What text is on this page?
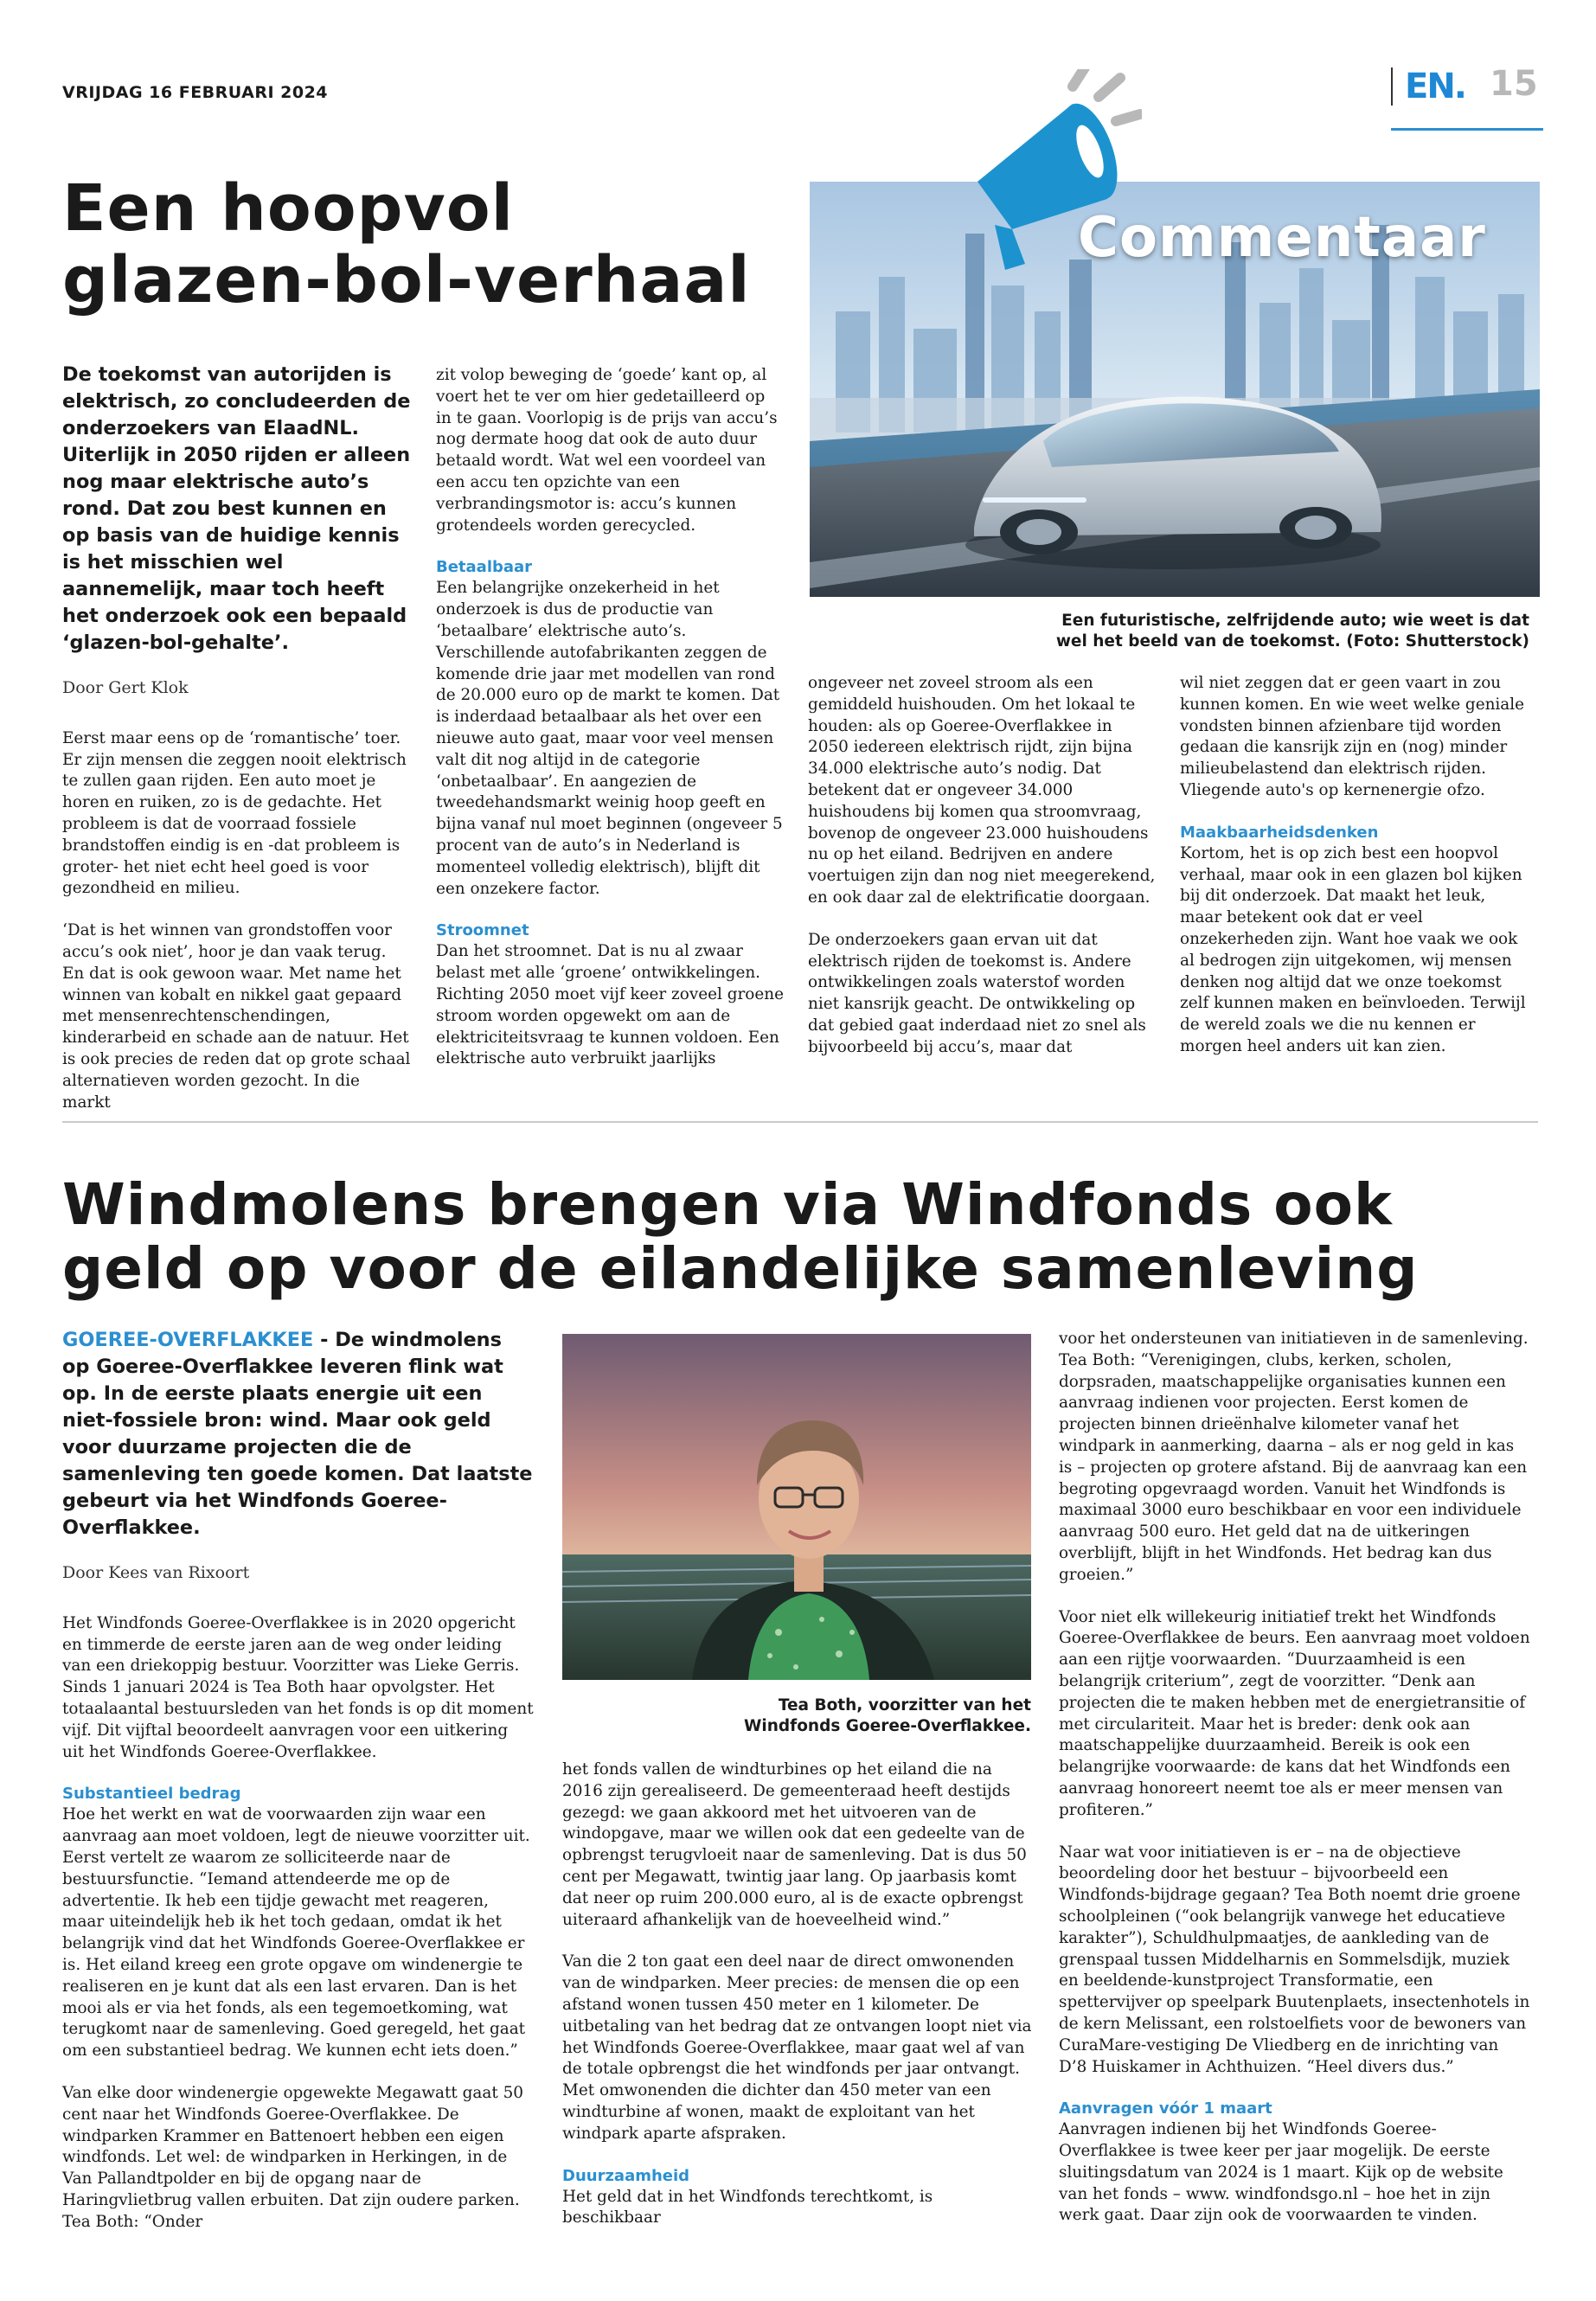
VRIJDAG 16 FEBRUARI 2024	EN. 15
Een hoopvol
glazen-bol-verhaal
Commentaar
Een futuristische, zelfrijdende auto; wie weet is dat
wel het beeld van de toekomst. (Foto: Shutterstock)

De toekomst van autorijden is elektrisch, zo concludeerden de onderzoekers van ElaadNL. Uiterlijk in 2050 rijden er alleen nog maar elektrische auto’s rond. Dat zou best kunnen en op basis van de huidige kennis is het misschien wel aannemelijk, maar toch heeft het onderzoek ook een bepaald ‘glazen-bol-gehalte’.

Door Gert Klok

Eerst maar eens op de ‘romantische’ toer. Er zijn mensen die zeggen nooit elektrisch te zullen gaan rijden. Een auto moet je horen en ruiken, zo is de gedachte. Het probleem is dat de voorraad fossiele brandstoffen eindig is en -dat probleem is groter- het niet echt heel goed is voor gezondheid en milieu.

‘Dat is het winnen van grondstoffen voor accu’s ook niet’, hoor je dan vaak terug. En dat is ook gewoon waar. Met name het winnen van kobalt en nikkel gaat gepaard met mensenrechtenschendingen, kinderarbeid en schade aan de natuur. Het is ook precies de reden dat op grote schaal alternatieven worden gezocht. In die markt

zit volop beweging de ‘goede’ kant op, al voert het te ver om hier gedetailleerd op in te gaan. Voorlopig is de prijs van accu’s nog dermate hoog dat ook de auto duur betaald wordt. Wat wel een voordeel van een accu ten opzichte van een verbrandingsmotor is: accu’s kunnen grotendeels worden gerecycled.

Betaalbaar

Een belangrijke onzekerheid in het onderzoek is dus de productie van ‘betaalbare’ elektrische auto’s. Verschillende autofabrikanten zeggen de komende drie jaar met modellen van rond de 20.000 euro op de markt te komen. Dat is inderdaad betaalbaar als het over een nieuwe auto gaat, maar voor veel mensen valt dit nog altijd in de categorie ‘onbetaalbaar’. En aangezien de tweedehandsmarkt weinig hoop geeft en bijna vanaf nul moet beginnen (ongeveer 5 procent van de auto’s in Nederland is momenteel volledig elektrisch), blijft dit een onzekere factor.

Stroomnet

Dan het stroomnet. Dat is nu al zwaar belast met alle ‘groene’ ontwikkelingen. Richting 2050 moet vijf keer zoveel groene stroom worden opgewekt om aan de elektriciteitsvraag te kunnen voldoen. Een elektrische auto verbruikt jaarlijks

ongeveer net zoveel stroom als een gemiddeld huishouden. Om het lokaal te houden: als op Goeree-Overflakkee in 2050 iedereen elektrisch rijdt, zijn bijna 34.000 elektrische auto’s nodig. Dat betekent dat er ongeveer 34.000 huishoudens bij komen qua stroomvraag, bovenop de ongeveer 23.000 huishoudens nu op het eiland. Bedrijven en andere voertuigen zijn dan nog niet meegerekend, en ook daar zal de elektrificatie doorgaan.

De onderzoekers gaan ervan uit dat elektrisch rijden de toekomst is. Andere ontwikkelingen zoals waterstof worden niet kansrijk geacht. De ontwikkeling op dat gebied gaat inderdaad niet zo snel als bijvoorbeeld bij accu’s, maar dat

wil niet zeggen dat er geen vaart in zou kunnen komen. En wie weet welke geniale vondsten binnen afzienbare tijd worden gedaan die kansrijk zijn en (nog) minder milieubelastend dan elektrisch rijden. Vliegende auto's op kernenergie ofzo.

Maakbaarheidsdenken

Kortom, het is op zich best een hoopvol verhaal, maar ook in een glazen bol kijken bij dit onderzoek. Dat maakt het leuk, maar betekent ook dat er veel onzekerheden zijn. Want hoe vaak we ook al bedrogen zijn uitgekomen, wij mensen denken nog altijd dat we onze toekomst zelf kunnen maken en beïnvloeden. Terwijl de wereld zoals we die nu kennen er morgen heel anders uit kan zien.

Windmolens brengen via Windfonds ook
geld op voor de eilandelijke samenleving

GOEREE-OVERFLAKKEE - De windmolens op Goeree-Overflakkee leveren flink wat op. In de eerste plaats energie uit een niet-fossiele bron: wind. Maar ook geld voor duurzame projecten die de samenleving ten goede komen. Dat laatste gebeurt via het Windfonds Goeree-Overflakkee.

Door Kees van Rixoort

Het Windfonds Goeree-Overflakkee is in 2020 opgericht en timmerde de eerste jaren aan de weg onder leiding van een driekoppig bestuur. Voorzitter was Lieke Gerris. Sinds 1 januari 2024 is Tea Both haar opvolgster. Het totaalaantal bestuursleden van het fonds is op dit moment vijf. Dit vijftal beoordeelt aanvragen voor een uitkering uit het Windfonds Goeree-Overflakkee.

Substantieel bedrag

Hoe het werkt en wat de voorwaarden zijn waar een aanvraag aan moet voldoen, legt de nieuwe voorzitter uit. Eerst vertelt ze waarom ze solliciteerde naar de bestuursfunctie. “Iemand attendeerde me op de advertentie. Ik heb een tijdje gewacht met reageren, maar uiteindelijk heb ik het toch gedaan, omdat ik het belangrijk vind dat het Windfonds Goeree-Overflakkee er is. Het eiland kreeg een grote opgave om windenergie te realiseren en je kunt dat als een last ervaren. Dan is het mooi als er via het fonds, als een tegemoetkoming, wat terugkomt naar de samenleving. Goed geregeld, het gaat om een substantieel bedrag. We kunnen echt iets doen.”

Van elke door windenergie opgewekte Megawatt gaat 50 cent naar het Windfonds Goeree-Overflakkee. De windparken Krammer en Battenoert hebben een eigen windfonds. Let wel: de windparken in Herkingen, in de Van Pallandtpolder en bij de opgang naar de Haringvlietbrug vallen erbuiten. Dat zijn oudere parken. Tea Both: “Onder

Tea Both, voorzitter van het
Windfonds Goeree-Overflakkee.

het fonds vallen de windturbines op het eiland die na 2016 zijn gerealiseerd. De gemeenteraad heeft destijds gezegd: we gaan akkoord met het uitvoeren van de windopgave, maar we willen ook dat een gedeelte van de opbrengst terugvloeit naar de samenleving. Dat is dus 50 cent per Megawatt, twintig jaar lang. Op jaarbasis komt dat neer op ruim 200.000 euro, al is de exacte opbrengst uiteraard afhankelijk van de hoeveelheid wind.”

Van die 2 ton gaat een deel naar de direct omwonenden van de windparken. Meer precies: de mensen die op een afstand wonen tussen 450 meter en 1 kilometer. De uitbetaling van het bedrag dat ze ontvangen loopt niet via het Windfonds Goeree-Overflakkee, maar gaat wel af van de totale opbrengst die het windfonds per jaar ontvangt. Met omwonenden die dichter dan 450 meter van een windturbine af wonen, maakt de exploitant van het windpark aparte afspraken.

Duurzaamheid

Het geld dat in het Windfonds terechtkomt, is beschikbaar

voor het ondersteunen van initiatieven in de samenleving. Tea Both: “Verenigingen, clubs, kerken, scholen, dorpsraden, maatschappelijke organisaties kunnen een aanvraag indienen voor projecten. Eerst komen de projecten binnen drieënhalve kilometer vanaf het windpark in aanmerking, daarna – als er nog geld in kas is – projecten op grotere afstand. Bij de aanvraag kan een begroting opgevraagd worden. Vanuit het Windfonds is maximaal 3000 euro beschikbaar en voor een individuele aanvraag 500 euro. Het geld dat na de uitkeringen overblijft, blijft in het Windfonds. Het bedrag kan dus groeien.”

Voor niet elk willekeurig initiatief trekt het Windfonds Goeree-Overflakkee de beurs. Een aanvraag moet voldoen aan een rijtje voorwaarden. “Duurzaamheid is een belangrijk criterium”, zegt de voorzitter. “Denk aan projecten die te maken hebben met de energietransitie of met circulariteit. Maar het is breder: denk ook aan maatschappelijke duurzaamheid. Bereik is ook een belangrijke voorwaarde: de kans dat het Windfonds een aanvraag honoreert neemt toe als er meer mensen van profiteren.”

Naar wat voor initiatieven is er – na de objectieve beoordeling door het bestuur – bijvoorbeeld een Windfonds-bijdrage gegaan? Tea Both noemt drie groene schoolpleinen (“ook belangrijk vanwege het educatieve karakter”), Schuldhulpmaatjes, de aankleding van de grenspaal tussen Middelharnis en Sommelsdijk, muziek en beeldende-kunstproject Transformatie, een spettervijver op speelpark Buutenplaets, insectenhotels in de kern Melissant, een rolstoelfiets voor de bewoners van CuraMare-vestiging De Vliedberg en de inrichting van D’8 Huiskamer in Achthuizen. “Heel divers dus.”

Aanvragen vóór 1 maart

Aanvragen indienen bij het Windfonds Goeree-Overflakkee is twee keer per jaar mogelijk. De eerste sluitingsdatum van 2024 is 1 maart. Kijk op de website van het fonds – www. windfondsgo.nl – hoe het in zijn werk gaat. Daar zijn ook de voorwaarden te vinden.
